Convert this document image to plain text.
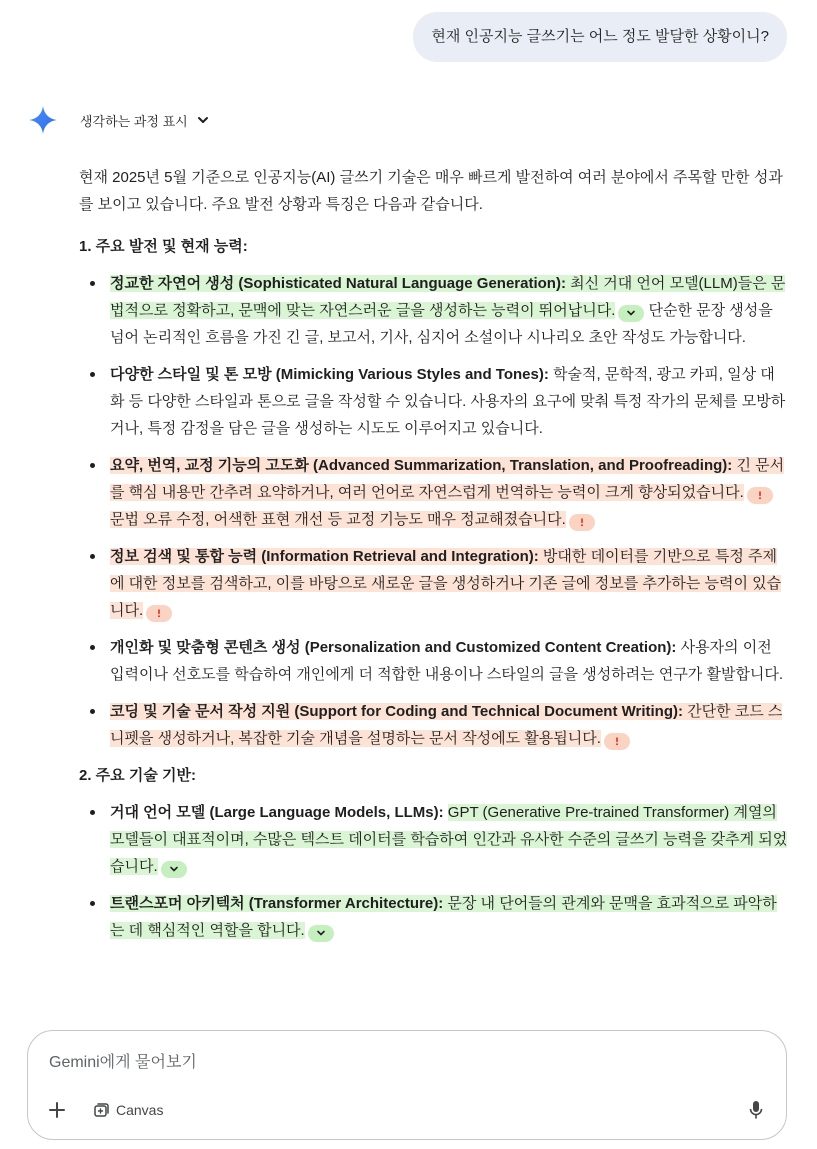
현재 인공지능 글쓰기는 어느 정도 발달한 상황이니?
생각하는 과정 표시

현재 2025년 5월 기준으로 인공지능(AI) 글쓰기 기술은 매우 빠르게 발전하여 여러 분야에서 주목할 만한 성과를 보이고 있습니다. 주요 발전 상황과 특징은 다음과 같습니다.

1. 주요 발전 및 현재 능력:
정교한 자연어 생성 (Sophisticated Natural Language Generation): 최신 거대 언어 모델(LLM)들은 문법적으로 정확하고, 문맥에 맞는 자연스러운 글을 생성하는 능력이 뛰어납니다.
단순한 문장 생성을 넘어 논리적인 흐름을 가진 긴 글, 보고서, 기사, 심지어 소설이나 시나리오 초안 작성도 가능합니다.
다양한 스타일 및 톤 모방 (Mimicking Various Styles and Tones): 학술적, 문학적, 광고 카피, 일상 대화 등 다양한 스타일과 톤으로 글을 작성할 수 있습니다. 사용자의 요구에 맞춰 특정 작가의 문체를 모방하거나, 특정 감정을 담은 글을 생성하는 시도도 이루어지고 있습니다.
요약, 번역, 교정 기능의 고도화 (Advanced Summarization, Translation, and Proofreading): 긴 문서를 핵심 내용만 간추려 요약하거나, 여러 언어로 자연스럽게 번역하는 능력이 크게 향상되었습니다.
문법 오류 수정, 어색한 표현 개선 등 교정 기능도 매우 정교해졌습니다.
정보 검색 및 통합 능력 (Information Retrieval and Integration): 방대한 데이터를 기반으로 특정 주제에 대한 정보를 검색하고, 이를 바탕으로 새로운 글을 생성하거나 기존 글에 정보를 추가하는 능력이 있습니다.
개인화 및 맞춤형 콘텐츠 생성 (Personalization and Customized Content Creation): 사용자의 이전 입력이나 선호도를 학습하여 개인에게 더 적합한 내용이나 스타일의 글을 생성하려는 연구가 활발합니다.
코딩 및 기술 문서 작성 지원 (Support for Coding and Technical Document Writing): 간단한 코드 스니펫을 생성하거나, 복잡한 기술 개념을 설명하는 문서 작성에도 활용됩니다.
2. 주요 기술 기반:
거대 언어 모델 (Large Language Models, LLMs): GPT (Generative Pre-trained Transformer) 계열의 모델들이 대표적이며, 수많은 텍스트 데이터를 학습하여 인간과 유사한 수준의 글쓰기 능력을 갖추게 되었습니다.
트랜스포머 아키텍처 (Transformer Architecture): 문장 내 단어들의 관계와 문맥을 효과적으로 파악하는 데 핵심적인 역할을 합니다.
Gemini에게 물어보기
Canvas
